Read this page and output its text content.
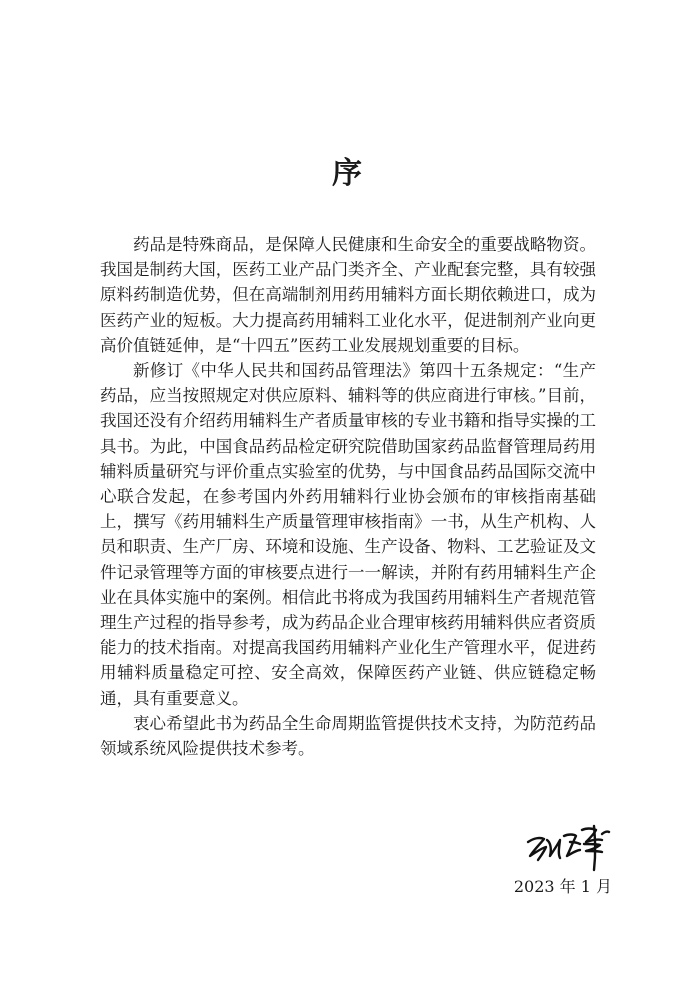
序

药品是特殊商品，是保障人民健康和生命安全的重要战略物资。我国是制药大国，医药工业产品门类齐全、产业配套完整，具有较强原料药制造优势，但在高端制剂用药用辅料方面长期依赖进口，成为医药产业的短板。大力提高药用辅料工业化水平，促进制剂产业向更高价值链延伸，是“十四五”医药工业发展规划重要的目标。

新修订《中华人民共和国药品管理法》第四十五条规定：“生产药品，应当按照规定对供应原料、辅料等的供应商进行审核。”目前，我国还没有介绍药用辅料生产者质量审核的专业书籍和指导实操的工具书。为此，中国食品药品检定研究院借助国家药品监督管理局药用辅料质量研究与评价重点实验室的优势，与中国食品药品国际交流中心联合发起，在参考国内外药用辅料行业协会颁布的审核指南基础上，撰写《药用辅料生产质量管理审核指南》一书，从生产机构、人员和职责、生产厂房、环境和设施、生产设备、物料、工艺验证及文件记录管理等方面的审核要点进行一一解读，并附有药用辅料生产企业在具体实施中的案例。相信此书将成为我国药用辅料生产者规范管理生产过程的指导参考，成为药品企业合理审核药用辅料供应者资质能力的技术指南。对提高我国药用辅料产业化生产管理水平，促进药用辅料质量稳定可控、安全高效，保障医药产业链、供应链稳定畅通，具有重要意义。

衷心希望此书为药品全生命周期监管提供技术支持，为防范药品领域系统风险提供技术参考。

2023 年 1 月
